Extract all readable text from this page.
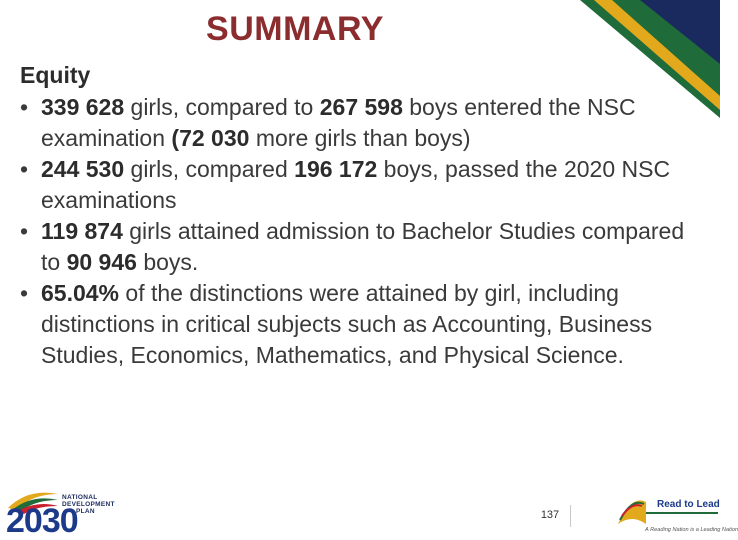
SUMMARY
Equity
• 339 628 girls, compared to 267 598 boys entered the NSC examination (72 030 more girls than boys)
• 244 530 girls, compared 196 172 boys, passed the 2020 NSC examinations
• 119 874 girls attained admission to Bachelor Studies compared to 90 946 boys.
• 65.04% of the distinctions were attained by girl, including distinctions in critical subjects such as Accounting, Business Studies, Economics, Mathematics, and Physical Science.
137
NATIONAL
DEVELOPMENT
PLAN
2030	Read to Lead
A Reading Nation is a Leading Nation
